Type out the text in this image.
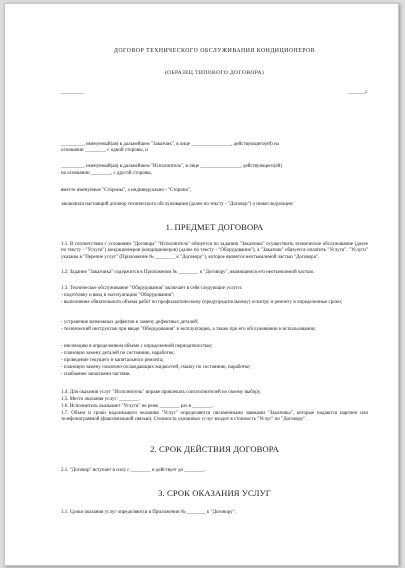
ДОГОВОР ТЕХНИЧЕСКОГО ОБСЛУЖИВАНИЯ КОНДИЦИОНЕРОВ
(ОБРАЗЕЦ ТИПОВОГО ДОГОВОРА)
_________	_______г.
_________, именуемый(ая) в дальнейшем "Заказчик", в лице ________________, действующего(ей) на
основании ________, с одной стороны, и
_________, именуемый(ая) в дальнейшем "Исполнитель", в лице ________________, действующего(ей)
на основании ________, с другой стороны,
вместе именуемые "Стороны", а индивидуально - "Сторона",
заключили настоящий договор технического обслуживания (далее по тексту - "Договор") о нижеследующем:
1. ПРЕДМЕТ ДОГОВОРА
1.1. В соответствии с условиями "Договора" "Исполнитель" обязуется по заданию "Заказчика" осуществить техническое обслуживание (далее по тексту - "Услуги") кондиционеров (кондиционеров) (далее по тексту - "Оборудование"), а "Заказчик" обязуется оплатить "Услуги". "Услуги" указаны в "Перечне услуг" (Приложение № ________ к "Договору"), которое является неотъемлемой частью "Договора".
1.2. Задание "Заказчика" содержится в Приложении № ________ к "Договору", являющемся его неотъемлемой частью.
1.3. Техническое обслуживание "Оборудования" включает в себя следующие услуги:
- подготовку и ввод в эксплуатацию "Оборудования";
- выполнение обязательного объема работ по профилактическому (предупредительному) осмотру и ремонту в определенные сроки;
- устранение возможных дефектов и замену дефектных деталей;
- технический инструктаж при вводе "Оборудования" в эксплуатацию, а также при его обслуживании и использовании;
- инспекцию в определенном объеме с определенной периодичностью;
- плановую замену деталей по состоянию, наработке;
- проведение текущего и капитального ремонта;
- плановую замену смазочно-охлаждающих жидкостей, смазку по состоянию, наработке;
- снабжение запасными частями.
1.4. Для оказания услуг "Исполнитель" вправе привлекать соисполнителей по своему выбору.
1.5. Место оказания услуг: ________.
1.6. Исполнитель оказывает "Услуги" не реже ________ раз в ________.
1.7. Объем и сроки надлежащего оказания "Услуг" определяются письменными заявками "Заказчика", которые подаются нарочно или телефонограммой (факсимильной связью). Стоимость указанных услуг входит в стоимость "Услуг" по "Договору".
2. СРОК ДЕЙСТВИЯ ДОГОВОРА
2.1. "Договор" вступает в силу с ________ и действует до ________.
3. СРОК ОКАЗАНИЯ УСЛУГ
3.1. Сроки оказания услуг определяются в Приложении №________ к "Договору".
